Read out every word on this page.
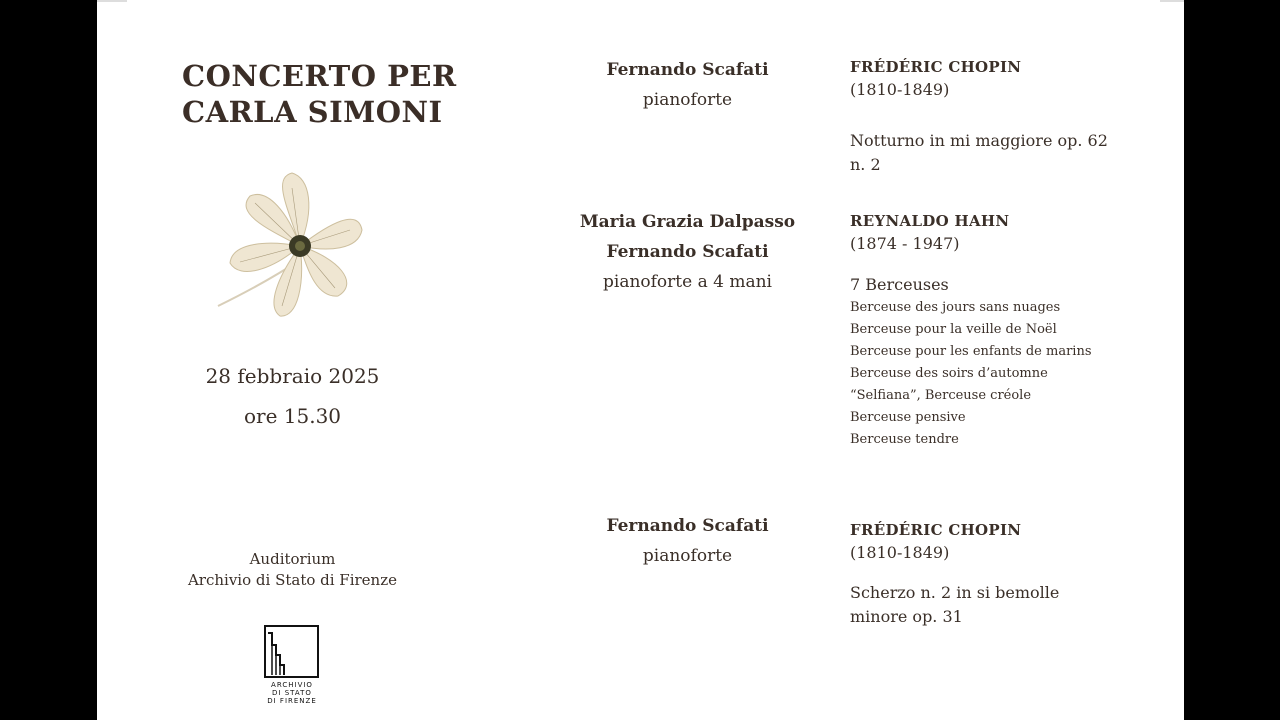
CONCERTO PER
CARLA SIMONI
28 febbraio 2025
ore 15.30
Auditorium
Archivio di Stato di Firenze
ARCHIVIO
DI STATO
DI FIRENZE
Fernando Scafati
pianoforte
FRÉDÉRIC CHOPIN
(1810-1849)
Notturno in mi maggiore op. 62 n. 2
Maria Grazia Dalpasso
Fernando Scafati
pianoforte a 4 mani
REYNALDO HAHN
(1874 - 1947)
7 Berceuses
Berceuse des jours sans nuages
Berceuse pour la veille de Noël
Berceuse pour les enfants de marins
Berceuse des soirs d’automne
“Selfiana”, Berceuse créole
Berceuse pensive
Berceuse tendre
Fernando Scafati
pianoforte
FRÉDÉRIC CHOPIN
(1810-1849)
Scherzo n. 2 in si bemolle minore op. 31
